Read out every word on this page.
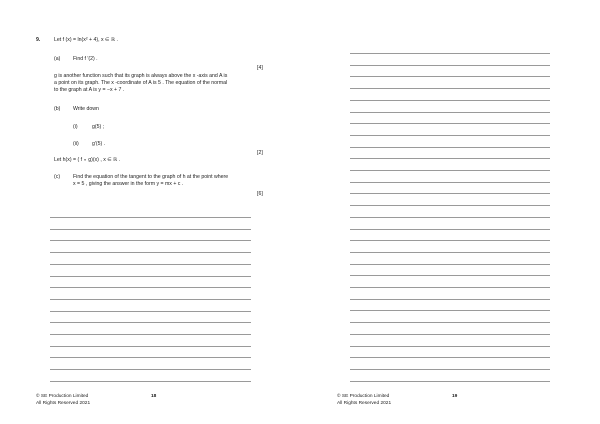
9.	Let f (x) = ln(x² + 4), x ∈ ℝ .
(a) Find f ′(2) .
[4]
g is another function such that its graph is always above the x -axis and A is
a point on its graph. The x -coordinate of A is 5 . The equation of the normal
to the graph at A is y = −x + 7 .
(b) Write down
(i)	g(5) ;
(ii)	g′(5) .
[2]
Let h(x) = ( f ∘ g)(x) , x ∈ ℝ .
(c) Find the equation of the tangent to the graph of h at the point where
x = 5 , giving the answer in the form y = mx + c .
[6]
© SE Production Limited
All Rights Reserved 2021
18	© SE Production Limited
All Rights Reserved 2021
19
